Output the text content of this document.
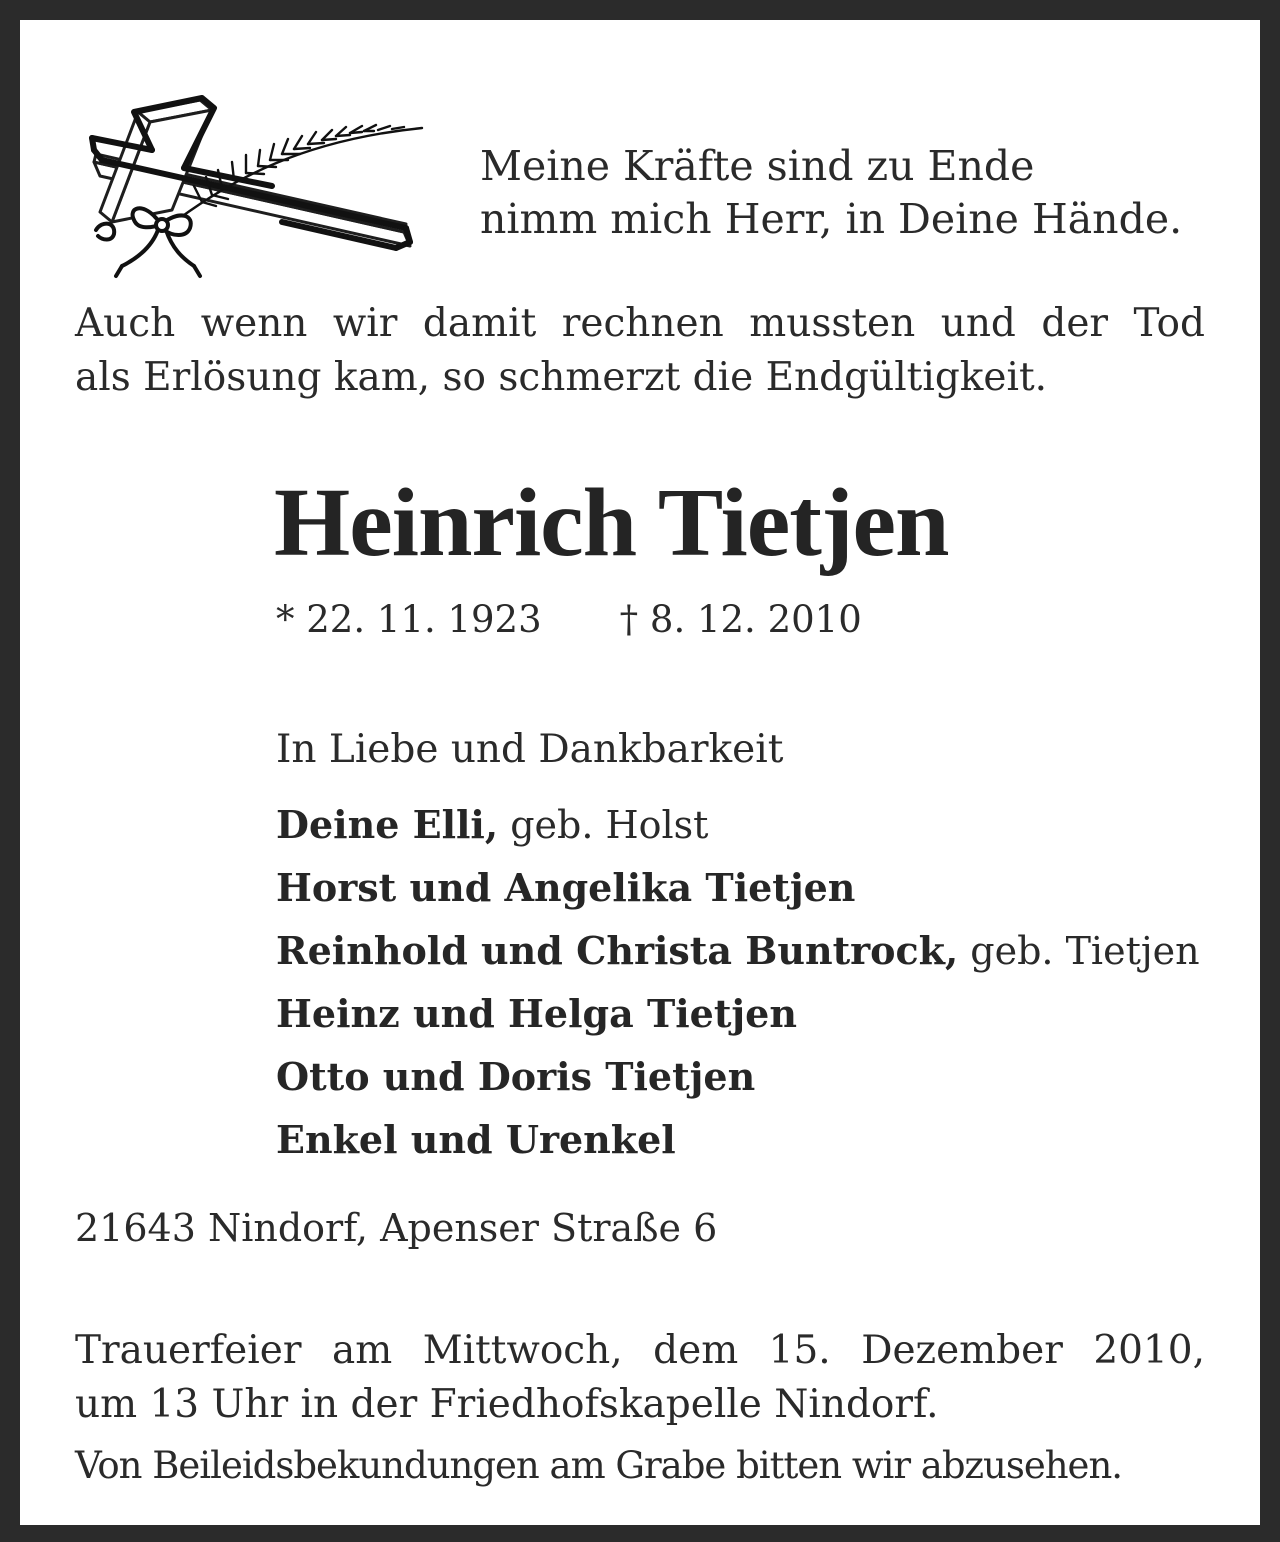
Meine Kräfte sind zu Ende
nimm mich Herr, in Deine Hände.
Auch wenn wir damit rechnen mussten und der Tod
als Erlösung kam, so schmerzt die Endgültigkeit.
Heinrich Tietjen
* 22. 11. 1923 † 8. 12. 2010
In Liebe und Dankbarkeit
Deine Elli, geb. Holst
Horst und Angelika Tietjen
Reinhold und Christa Buntrock, geb. Tietjen
Heinz und Helga Tietjen
Otto und Doris Tietjen
Enkel und Urenkel
21643 Nindorf, Apenser Straße 6
Trauerfeier am Mittwoch, dem 15. Dezember 2010,
um 13 Uhr in der Friedhofskapelle Nindorf.
Von Beileidsbekundungen am Grabe bitten wir abzusehen.
